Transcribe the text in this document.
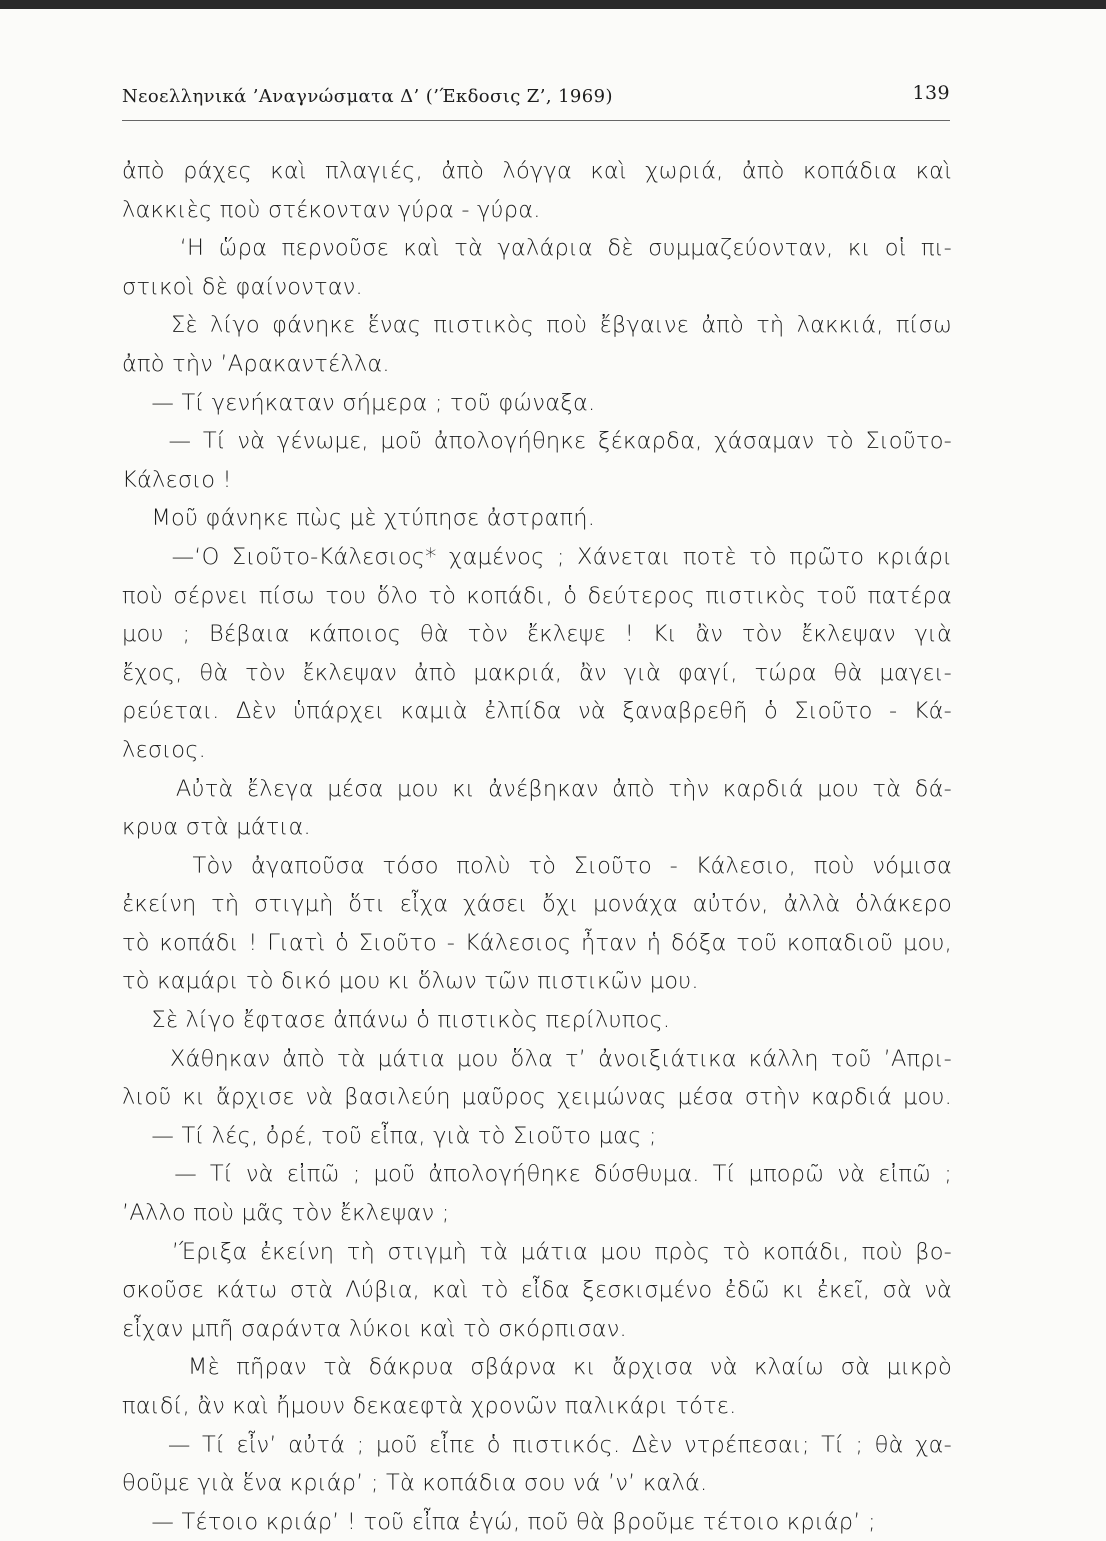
Νεοελληνικά ’Αναγνώσματα Δ’ (’Έκδοσις Ζ’, 1969)	139
ἀπὸ ράχες καὶ πλαγιές, ἀπὸ λόγγα καὶ χωριά, ἀπὸ κοπάδια καὶ
λακκιὲς ποὺ στέκονταν γύρα - γύρα.
‘Η ὥρα περνοῦσε καὶ τὰ γαλάρια δὲ συμμαζεύονταν, κι οἱ πι-
στικοὶ δὲ φαίνονταν.
Σὲ λίγο φάνηκε ἕνας πιστικὸς ποὺ ἔβγαινε ἀπὸ τὴ λακκιά, πίσω
ἀπὸ τὴν ’Αρακαντέλλα.
— Τί γενήκαταν σήμερα ; τοῦ φώναξα.
— Τί νὰ γένωμε, μοῦ ἀπολογήθηκε ξέκαρδα, χάσαμαν τὸ Σιοῦτο-
Κάλεσιο !
Μοῦ φάνηκε πὼς μὲ χτύπησε ἀστραπή.
—‘Ο Σιοῦτο-Κάλεσιος* χαμένος ; Χάνεται ποτὲ τὸ πρῶτο κριάρι
ποὺ σέρνει πίσω του ὅλο τὸ κοπάδι, ὁ δεύτερος πιστικὸς τοῦ πατέρα
μου ; Βέβαια κάποιος θὰ τὸν ἔκλεψε ! Κι ἂν τὸν ἔκλεψαν γιὰ
ἔχος, θὰ τὸν ἔκλεψαν ἀπὸ μακριά, ἂν γιὰ φαγί, τώρα θὰ μαγει-
ρεύεται. Δὲν ὑπάρχει καμιὰ ἐλπίδα νὰ ξαναβρεθῆ ὁ Σιοῦτο - Κά-
λεσιος.
Αὐτὰ ἔλεγα μέσα μου κι ἀνέβηκαν ἀπὸ τὴν καρδιά μου τὰ δά-
κρυα στὰ μάτια.
Τὸν ἀγαποῦσα τόσο πολὺ τὸ Σιοῦτο - Κάλεσιο, ποὺ νόμισα
ἐκείνη τὴ στιγμὴ ὅτι εἶχα χάσει ὄχι μονάχα αὐτόν, ἀλλὰ ὁλάκερο
τὸ κοπάδι ! Γιατὶ ὁ Σιοῦτο - Κάλεσιος ἦταν ἡ δόξα τοῦ κοπαδιοῦ μου,
τὸ καμάρι τὸ δικό μου κι ὅλων τῶν πιστικῶν μου.
Σὲ λίγο ἔφτασε ἀπάνω ὁ πιστικὸς περίλυπος.
Χάθηκαν ἀπὸ τὰ μάτια μου ὅλα τ’ ἀνοιξιάτικα κάλλη τοῦ ’Απρι-
λιοῦ κι ἄρχισε νὰ βασιλεύη μαῦρος χειμώνας μέσα στὴν καρδιά μου.
— Τί λές, ὀρέ, τοῦ εἶπα, γιὰ τὸ Σιοῦτο μας ;
— Τί νὰ εἰπῶ ; μοῦ ἀπολογήθηκε δύσθυμα. Τί μπορῶ νὰ εἰπῶ ;
’Αλλο ποὺ μᾶς τὸν ἔκλεψαν ;
’Έριξα ἐκείνη τὴ στιγμὴ τὰ μάτια μου πρὸς τὸ κοπάδι, ποὺ βο-
σκοῦσε κάτω στὰ Λύβια, καὶ τὸ εἶδα ξεσκισμένο ἐδῶ κι ἐκεῖ, σὰ νὰ
εἶχαν μπῆ σαράντα λύκοι καὶ τὸ σκόρπισαν.
Μὲ πῆραν τὰ δάκρυα σβάρνα κι ἄρχισα νὰ κλαίω σὰ μικρὸ
παιδί, ἂν καὶ ἤμουν δεκαεφτὰ χρονῶν παλικάρι τότε.
— Τί εἶν’ αὐτά ; μοῦ εἶπε ὁ πιστικός. Δὲν ντρέπεσαι; Τί ; θὰ χα-
θοῦμε γιὰ ἕνα κριάρ’ ; Τὰ κοπάδια σου νά ’ν’ καλά.
— Τέτοιο κριάρ’ ! τοῦ εἶπα ἐγώ, ποῦ θὰ βροῦμε τέτοιο κριάρ’ ;
